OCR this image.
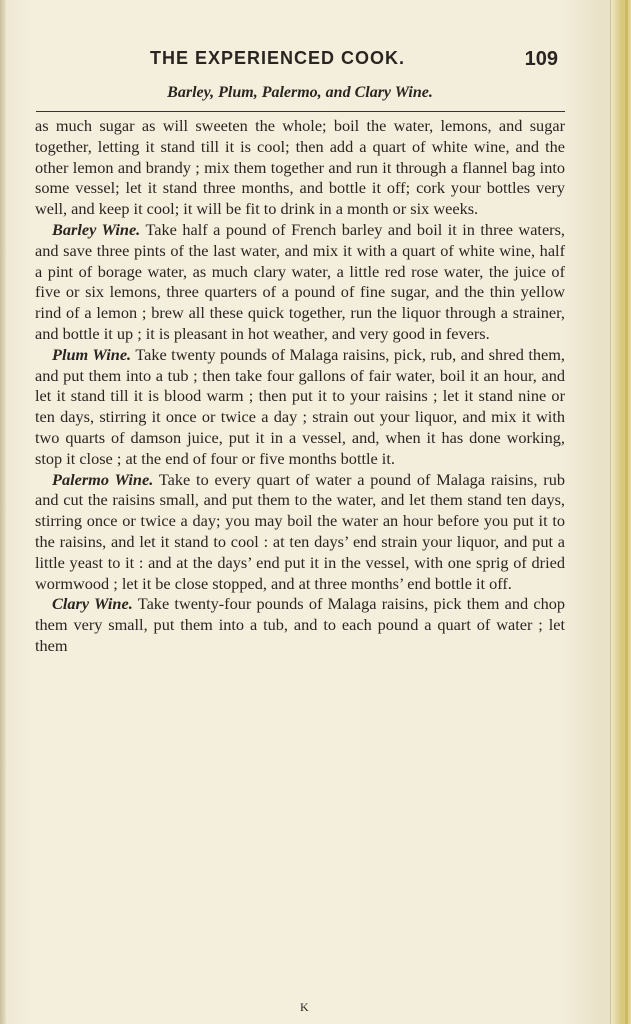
THE EXPERIENCED COOK.	109
Barley, Plum, Palermo, and Clary Wine.

as much sugar as will sweeten the whole; boil the water, lemons, and sugar together, letting it stand till it is cool; then add a quart of white wine, and the other lemon and brandy ; mix them together and run it through a flannel bag into some vessel; let it stand three months, and bottle it off; cork your bottles very well, and keep it cool; it will be fit to drink in a month or six weeks.

Barley Wine. Take half a pound of French barley and boil it in three waters, and save three pints of the last water, and mix it with a quart of white wine, half a pint of borage water, as much clary water, a little red rose water, the juice of five or six lemons, three quarters of a pound of fine sugar, and the thin yellow rind of a lemon ; brew all these quick together, run the liquor through a strainer, and bottle it up ; it is pleasant in hot weather, and very good in fevers.

Plum Wine. Take twenty pounds of Malaga raisins, pick, rub, and shred them, and put them into a tub ; then take four gallons of fair water, boil it an hour, and let it stand till it is blood warm ; then put it to your raisins ; let it stand nine or ten days, stirring it once or twice a day ; strain out your liquor, and mix it with two quarts of damson juice, put it in a vessel, and, when it has done working, stop it close ; at the end of four or five months bottle it.

Palermo Wine. Take to every quart of water a pound of Malaga raisins, rub and cut the raisins small, and put them to the water, and let them stand ten days, stirring once or twice a day; you may boil the water an hour before you put it to the raisins, and let it stand to cool : at ten days’ end strain your liquor, and put a little yeast to it : and at the days’ end put it in the vessel, with one sprig of dried wormwood ; let it be close stopped, and at three months’ end bottle it off.

Clary Wine. Take twenty-four pounds of Malaga raisins, pick them and chop them very small, put them into a tub, and to each pound a quart of water ; let them

K
